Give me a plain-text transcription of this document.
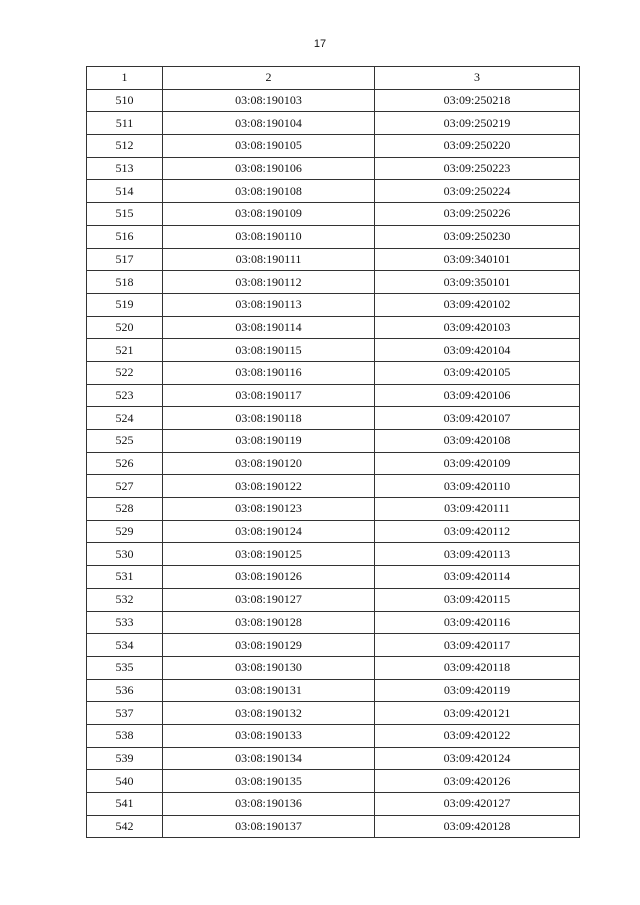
17
1	2	3
510	03:08:190103	03:09:250218
511	03:08:190104	03:09:250219
512	03:08:190105	03:09:250220
513	03:08:190106	03:09:250223
514	03:08:190108	03:09:250224
515	03:08:190109	03:09:250226
516	03:08:190110	03:09:250230
517	03:08:190111	03:09:340101
518	03:08:190112	03:09:350101
519	03:08:190113	03:09:420102
520	03:08:190114	03:09:420103
521	03:08:190115	03:09:420104
522	03:08:190116	03:09:420105
523	03:08:190117	03:09:420106
524	03:08:190118	03:09:420107
525	03:08:190119	03:09:420108
526	03:08:190120	03:09:420109
527	03:08:190122	03:09:420110
528	03:08:190123	03:09:420111
529	03:08:190124	03:09:420112
530	03:08:190125	03:09:420113
531	03:08:190126	03:09:420114
532	03:08:190127	03:09:420115
533	03:08:190128	03:09:420116
534	03:08:190129	03:09:420117
535	03:08:190130	03:09:420118
536	03:08:190131	03:09:420119
537	03:08:190132	03:09:420121
538	03:08:190133	03:09:420122
539	03:08:190134	03:09:420124
540	03:08:190135	03:09:420126
541	03:08:190136	03:09:420127
542	03:08:190137	03:09:420128
